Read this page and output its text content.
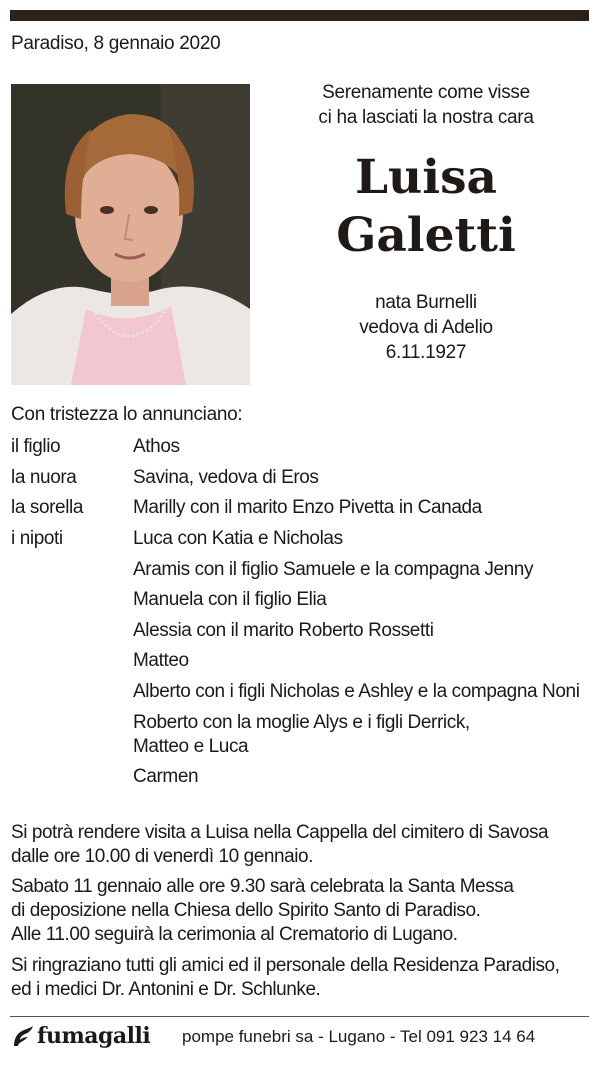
Paradiso, 8 gennaio 2020
Serenamente come visse
ci ha lasciati la nostra cara
Luisa
Galetti
nata Burnelli
vedova di Adelio
6.11.1927
Con tristezza lo annunciano:
il figlio	Athos
la nuora	Savina, vedova di Eros
la sorella	Marilly con il marito Enzo Pivetta in Canada
i nipoti	Luca con Katia e Nicholas
Aramis con il figlio Samuele e la compagna Jenny
Manuela con il figlio Elia
Alessia con il marito Roberto Rossetti
Matteo
Alberto con i figli Nicholas e Ashley e la compagna Noni
Roberto con la moglie Alys e i figli Derrick,
Matteo e Luca
Carmen
Si potrà rendere visita a Luisa nella Cappella del cimitero di Savosa
dalle ore 10.00 di venerdì 10 gennaio.
Sabato 11 gennaio alle ore 9.30 sarà celebrata la Santa Messa
di deposizione nella Chiesa dello Spirito Santo di Paradiso.
Alle 11.00 seguirà la cerimonia al Crematorio di Lugano.
Si ringraziano tutti gli amici ed il personale della Residenza Paradiso,
ed i medici Dr. Antonini e Dr. Schlunke.
fumagalli pompe funebri sa - Lugano - Tel 091 923 14 64
